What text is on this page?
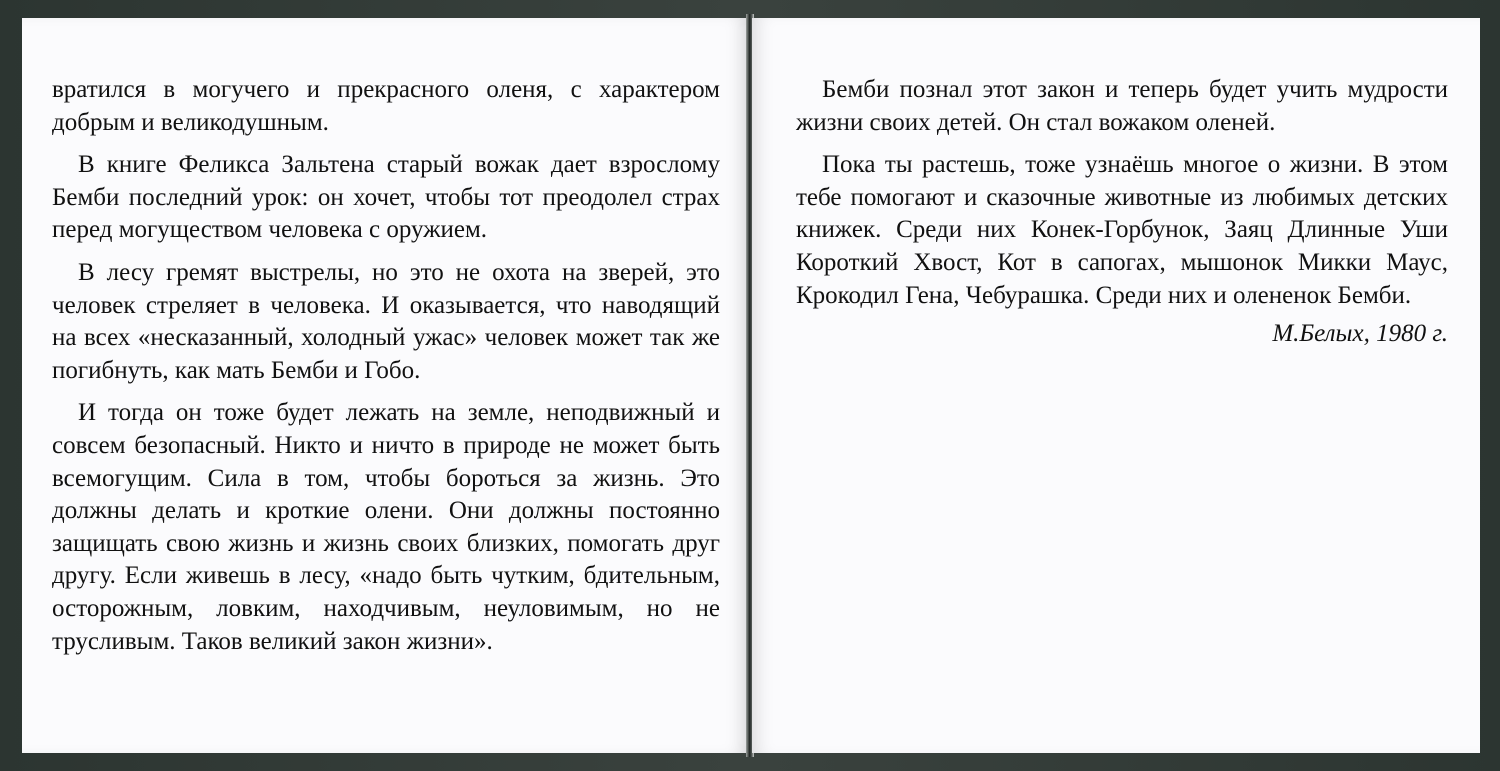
вратился в могучего и прекрасного оленя, с характером добрым и великодушным.

В книге Феликса Зальтена старый вожак дает взрослому Бемби последний урок: он хочет, чтобы тот преодолел страх перед могуществом человека с оружием.

В лесу гремят выстрелы, но это не охота на зверей, это человек стреляет в человека. И оказывается, что наводящий на всех «несказанный, холодный ужас» человек может так же погибнуть, как мать Бемби и Гобо.

И тогда он тоже будет лежать на земле, неподвижный и совсем безопасный. Никто и ничто в природе не может быть всемогущим. Сила в том, чтобы бороться за жизнь. Это должны делать и кроткие олени. Они должны постоянно защищать свою жизнь и жизнь своих близких, помогать друг другу. Если живешь в лесу, «надо быть чутким, бдительным, осторожным, ловким, находчивым, неуловимым, но не трусливым. Таков великий закон жизни».

Бемби познал этот закон и теперь будет учить мудрости жизни своих детей. Он стал вожаком оленей.

Пока ты растешь, тоже узнаёшь многое о жизни. В этом тебе помогают и сказочные животные из любимых детских книжек. Среди них Конек-Горбунок, Заяц Длинные Уши Короткий Хвост, Кот в сапогах, мышонок Микки Маус, Крокодил Гена, Чебурашка. Среди них и олененок Бемби.

М.Белых, 1980 г.
